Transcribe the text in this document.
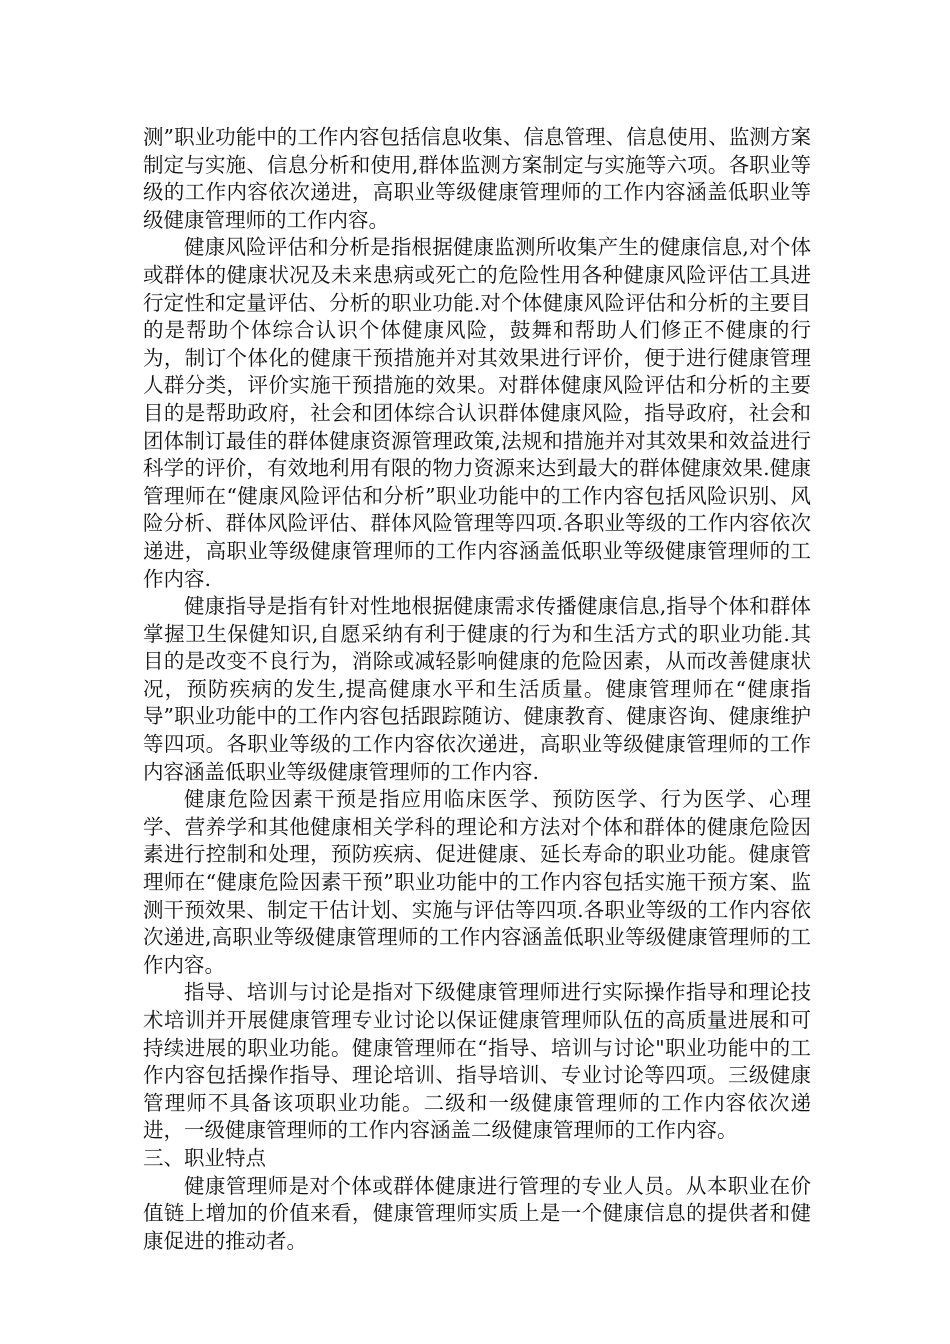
测”职业功能中的工作内容包括信息收集、信息管理、信息使用、监测方案制定与实施、信息分析和使用,群体监测方案制定与实施等六项。各职业等级的工作内容依次递进，高职业等级健康管理师的工作内容涵盖低职业等级健康管理师的工作内容。

健康风险评估和分析是指根据健康监测所收集产生的健康信息,对个体或群体的健康状况及未来患病或死亡的危险性用各种健康风险评估工具进行定性和定量评估、分析的职业功能.对个体健康风险评估和分析的主要目的是帮助个体综合认识个体健康风险，鼓舞和帮助人们修正不健康的行为，制订个体化的健康干预措施并对其效果进行评价，便于进行健康管理人群分类，评价实施干预措施的效果。对群体健康风险评估和分析的主要目的是帮助政府，社会和团体综合认识群体健康风险，指导政府，社会和团体制订最佳的群体健康资源管理政策,法规和措施并对其效果和效益进行科学的评价，有效地利用有限的物力资源来达到最大的群体健康效果.健康管理师在“健康风险评估和分析”职业功能中的工作内容包括风险识别、风险分析、群体风险评估、群体风险管理等四项.各职业等级的工作内容依次递进，高职业等级健康管理师的工作内容涵盖低职业等级健康管理师的工作内容.

健康指导是指有针对性地根据健康需求传播健康信息,指导个体和群体掌握卫生保健知识,自愿采纳有利于健康的行为和生活方式的职业功能.其目的是改变不良行为，消除或减轻影响健康的危险因素，从而改善健康状况，预防疾病的发生,提高健康水平和生活质量。健康管理师在“健康指导”职业功能中的工作内容包括跟踪随访、健康教育、健康咨询、健康维护等四项。各职业等级的工作内容依次递进，高职业等级健康管理师的工作内容涵盖低职业等级健康管理师的工作内容.

健康危险因素干预是指应用临床医学、预防医学、行为医学、心理学、营养学和其他健康相关学科的理论和方法对个体和群体的健康危险因素进行控制和处理，预防疾病、促进健康、延长寿命的职业功能。健康管理师在“健康危险因素干预”职业功能中的工作内容包括实施干预方案、监测干预效果、制定干估计划、实施与评估等四项.各职业等级的工作内容依次递进,高职业等级健康管理师的工作内容涵盖低职业等级健康管理师的工作内容。

指导、培训与讨论是指对下级健康管理师进行实际操作指导和理论技术培训并开展健康管理专业讨论以保证健康管理师队伍的高质量进展和可持续进展的职业功能。健康管理师在“指导、培训与讨论"职业功能中的工作内容包括操作指导、理论培训、指导培训、专业讨论等四项。三级健康管理师不具备该项职业功能。二级和一级健康管理师的工作内容依次递进，一级健康管理师的工作内容涵盖二级健康管理师的工作内容。

三、职业特点

健康管理师是对个体或群体健康进行管理的专业人员。从本职业在价值链上增加的价值来看，健康管理师实质上是一个健康信息的提供者和健康促进的推动者。
